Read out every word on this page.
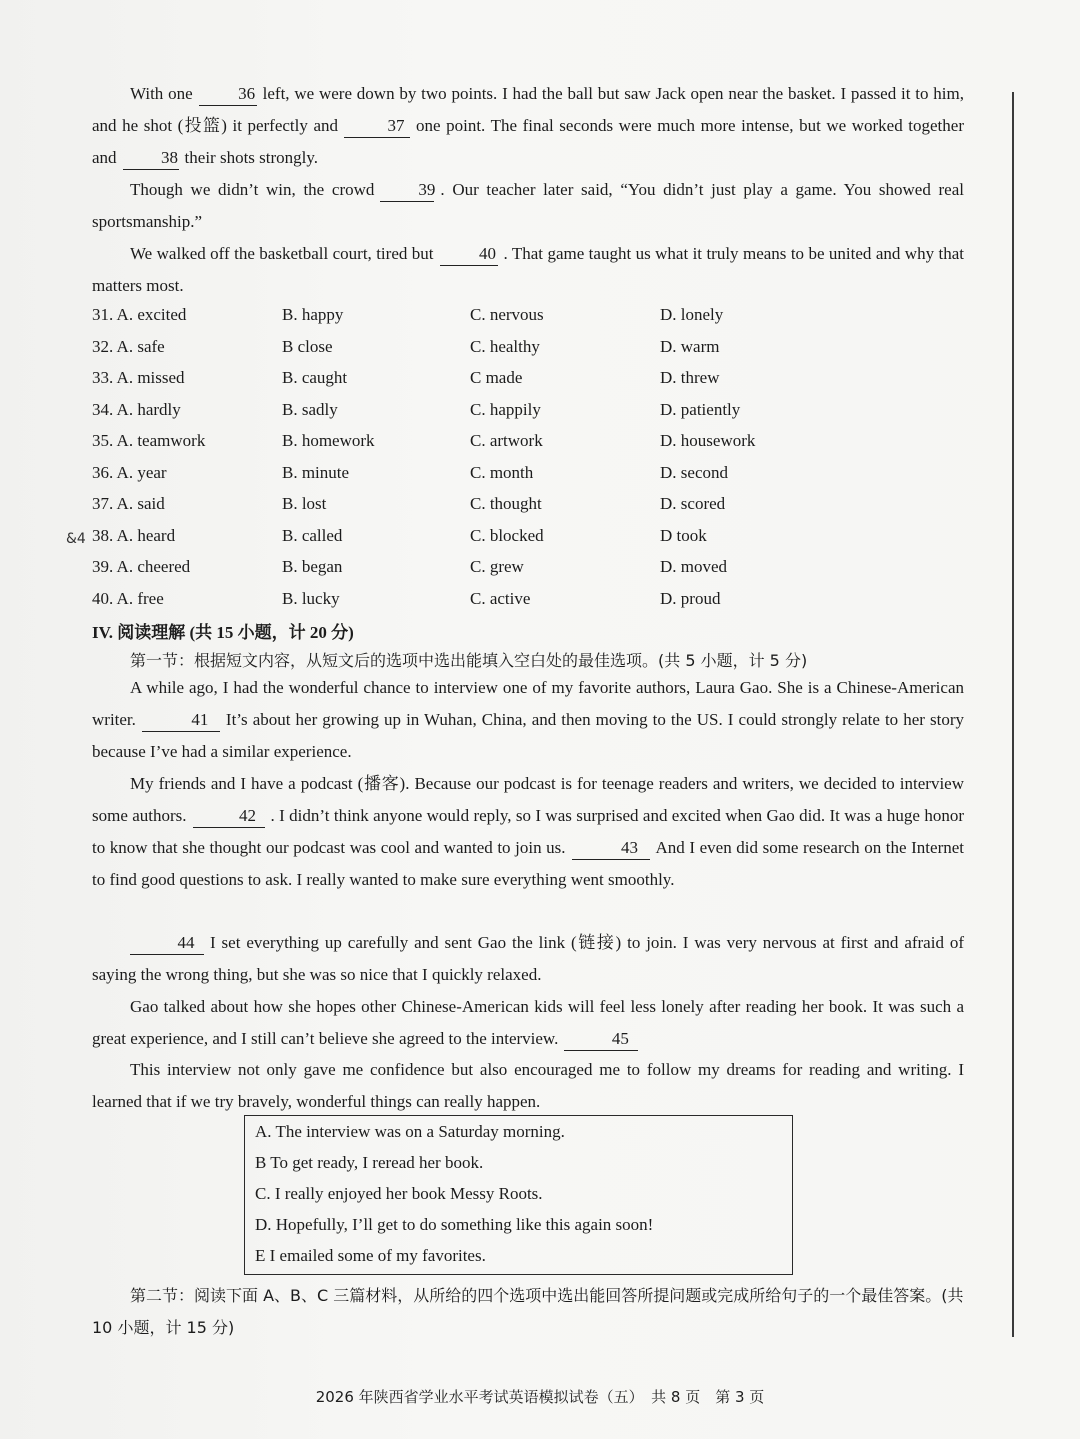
With one	36 left, we were down by two points. I had the ball but saw Jack open near the basket. I passed it to him, and he shot (投篮) it perfectly and	37 one point. The final seconds were much more intense, but we worked together and	38 their shots strongly.
Though we didn’t win, the crowd	39 . Our teacher later said, “You didn’t just play a game. You showed real sportsmanship.”
We walked off the basketball court, tired but	40 . That game taught us what it truly means to be united and why that matters most.
31. A. excited	B. happy	C. nervous	D. lonely
32. A. safe	B close	C. healthy	D. warm
33. A. missed	B. caught	C made	D. threw
34. A. hardly	B. sadly	C. happily	D. patiently
35. A. teamwork	B. homework	C. artwork	D. housework
36. A. year	B. minute	C. month	D. second
37. A. said	B. lost	C. thought	D. scored
38. A. heard	B. called	C. blocked	D took
39. A. cheered	B. began	C. grew	D. moved
40. A. free	B. lucky	C. active	D. proud
&4
IV. 阅读理解 (共 15 小题，计 20 分)
第一节：根据短文内容，从短文后的选项中选出能填入空白处的最佳选项。(共 5 小题，计 5 分)
A while ago, I had the wonderful chance to interview one of my favorite authors, Laura Gao. She is a Chinese-American writer.	41 It’s about her growing up in Wuhan, China, and then moving to the US. I could strongly relate to her story because I’ve had a similar experience.
My friends and I have a podcast (播客). Because our podcast is for teenage readers and writers, we decided to interview some authors.	42 . I didn’t think anyone would reply, so I was surprised and excited when Gao did. It was a huge honor to know that she thought our podcast was cool and wanted to join us.	43 And I even did some research on the Internet to find good questions to ask. I really wanted to make sure everything went smoothly.
44 I set everything up carefully and sent Gao the link (链接) to join. I was very nervous at first and afraid of saying the wrong thing, but she was so nice that I quickly relaxed.
Gao talked about how she hopes other Chinese-American kids will feel less lonely after reading her book. It was such a great experience, and I still can’t believe she agreed to the interview.	45
This interview not only gave me confidence but also encouraged me to follow my dreams for reading and writing. I learned that if we try bravely, wonderful things can really happen.
A. The interview was on a Saturday morning.
B To get ready, I reread her book.
C. I really enjoyed her book Messy Roots.
D. Hopefully, I’ll get to do something like this again soon!
E I emailed some of my favorites.
第二节：阅读下面 A、B、C 三篇材料，从所给的四个选项中选出能回答所提问题或完成所给句子的一个最佳答案。(共 10 小题，计 15 分)
2026 年陕西省学业水平考试英语模拟试卷（五）　共 8 页　第 3 页
